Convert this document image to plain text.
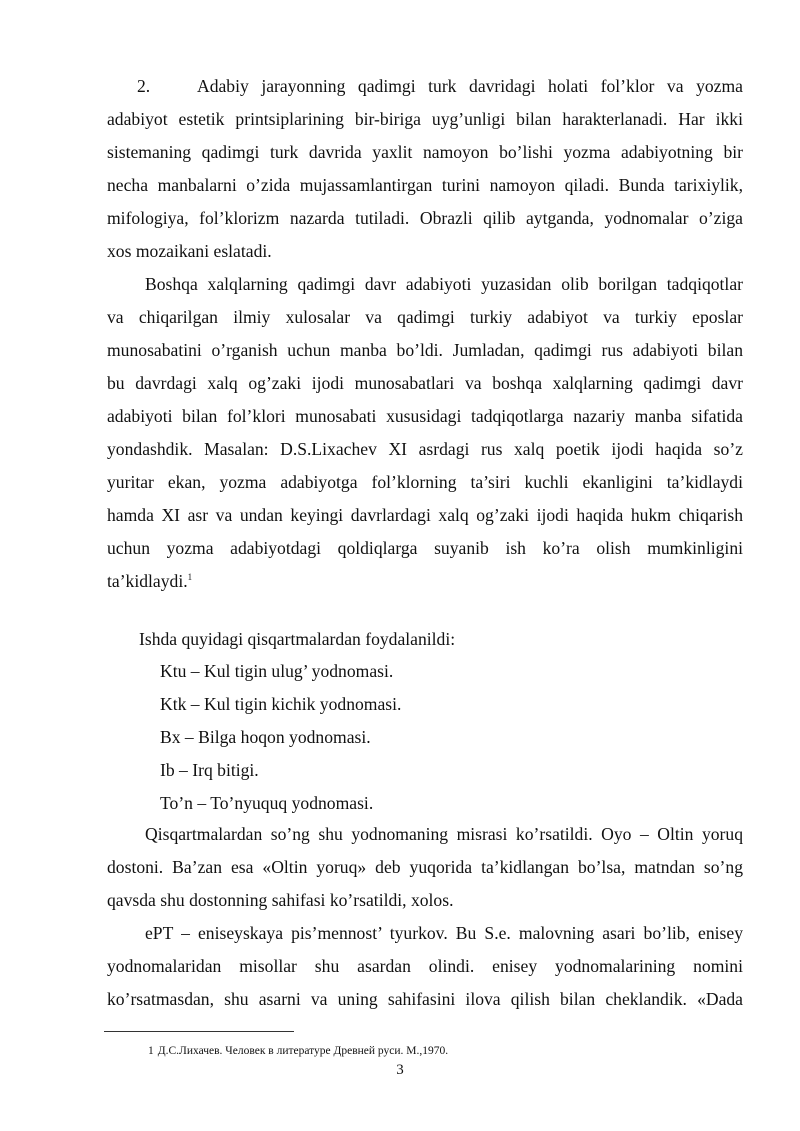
2.	Adabiy jarayonning qadimgi turk davridagi holati fol’klor va yozma
adabiyot estetik printsiplarining bir-biriga uyg’unligi bilan harakterlanadi. Har ikki
sistemaning qadimgi turk davrida yaxlit namoyon bo’lishi yozma adabiyotning bir
necha manbalarni o’zida mujassamlantirgan turini namoyon qiladi. Bunda tarixiylik,
mifologiya, fol’klorizm nazarda tutiladi. Obrazli qilib aytganda, yodnomalar o’ziga
xos mozaikani eslatadi.
Boshqa xalqlarning qadimgi davr adabiyoti yuzasidan olib borilgan tadqiqotlar
va chiqarilgan ilmiy xulosalar va qadimgi turkiy adabiyot va turkiy eposlar
munosabatini o’rganish uchun manba bo’ldi. Jumladan, qadimgi rus adabiyoti bilan
bu davrdagi xalq og’zaki ijodi munosabatlari va boshqa xalqlarning qadimgi davr
adabiyoti bilan fol’klori munosabati xususidagi tadqiqotlarga nazariy manba sifatida
yondashdik. Masalan: D.S.Lixachev XI asrdagi rus xalq poetik ijodi haqida so’z
yuritar ekan, yozma adabiyotga fol’klorning ta’siri kuchli ekanligini ta’kidlaydi
hamda XI asr va undan keyingi davrlardagi xalq og’zaki ijodi haqida hukm chiqarish
uchun yozma adabiyotdagi qoldiqlarga suyanib ish ko’ra olish mumkinligini
ta’kidlaydi.$^1$
Ishda quyidagi qisqartmalardan foydalanildi:
Ktu – Kul tigin ulug’ yodnomasi.
Ktk – Kul tigin kichik yodnomasi.
Bx – Bilga hoqon yodnomasi.
Ib – Irq bitigi.
To’n – To’nyuquq yodnomasi.
Qisqartmalardan so’ng shu yodnomaning misrasi ko’rsatildi. Oyo – Oltin yoruq
dostoni. Ba’zan esa «Oltin yoruq» deb yuqorida ta’kidlangan bo’lsa, matndan so’ng
qavsda shu dostonning sahifasi ko’rsatildi, xolos.
ePT – eniseyskaya pis’mennost’ tyurkov. Bu S.e. malovning asari bo’lib, enisey
yodnomalaridan misollar shu asardan olindi. enisey yodnomalarining nomini
ko’rsatmasdan, shu asarni va uning sahifasini ilova qilish bilan cheklandik. «Dada
1 Д.С.Лихачев. Человек в литературе Древней руси. М.,1970.
3
